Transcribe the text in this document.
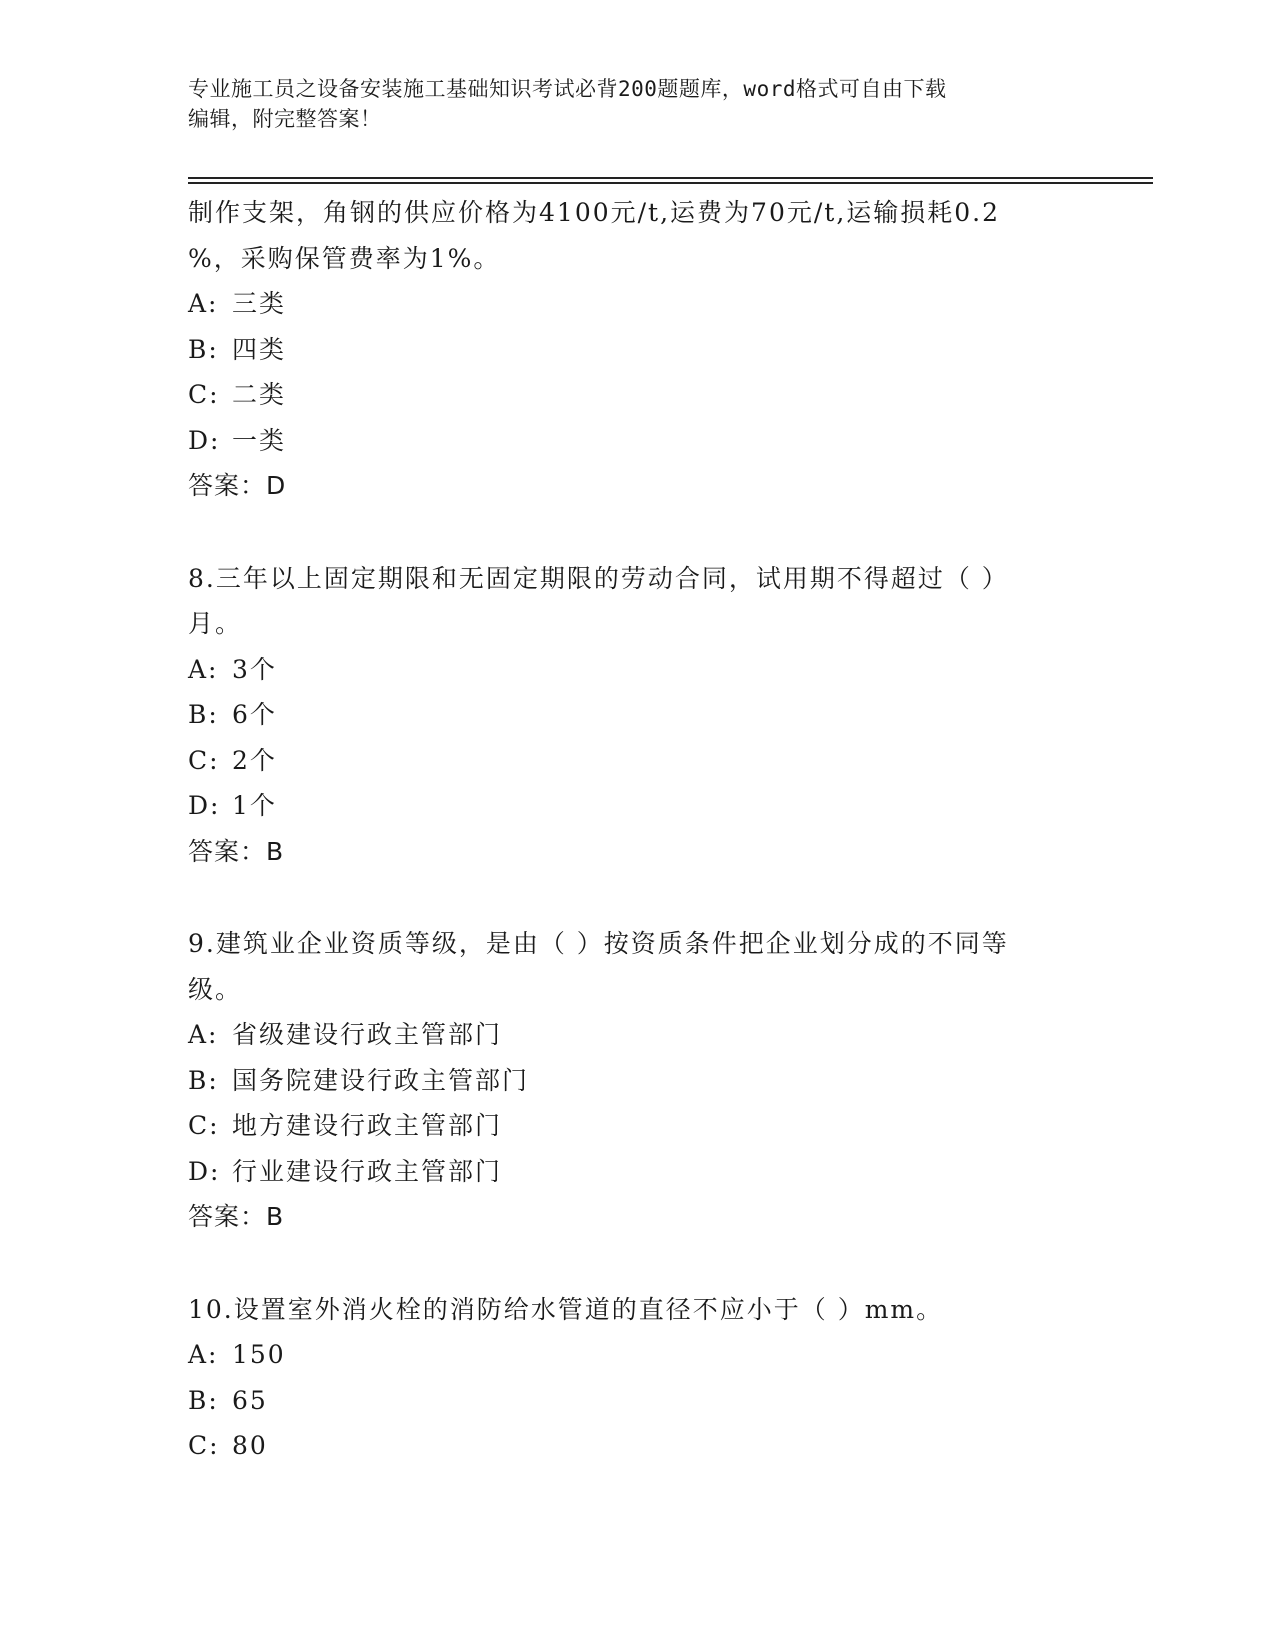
专业施工员之设备安装施工基础知识考试必背200题题库，word格式可自由下载
编辑，附完整答案！
制作支架，角钢的供应价格为4100元/t,运费为70元/t,运输损耗0.2
%，采购保管费率为1%。
A: 三类
B: 四类
C: 二类
D: 一类
答案：D
8.三年以上固定期限和无固定期限的劳动合同，试用期不得超过（ ）
月。
A: 3个
B: 6个
C: 2个
D: 1个
答案：B
9.建筑业企业资质等级，是由（ ）按资质条件把企业划分成的不同等
级。
A: 省级建设行政主管部门
B: 国务院建设行政主管部门
C: 地方建设行政主管部门
D: 行业建设行政主管部门
答案：B
10.设置室外消火栓的消防给水管道的直径不应小于（ ）mm。
A: 150
B: 65
C: 80
